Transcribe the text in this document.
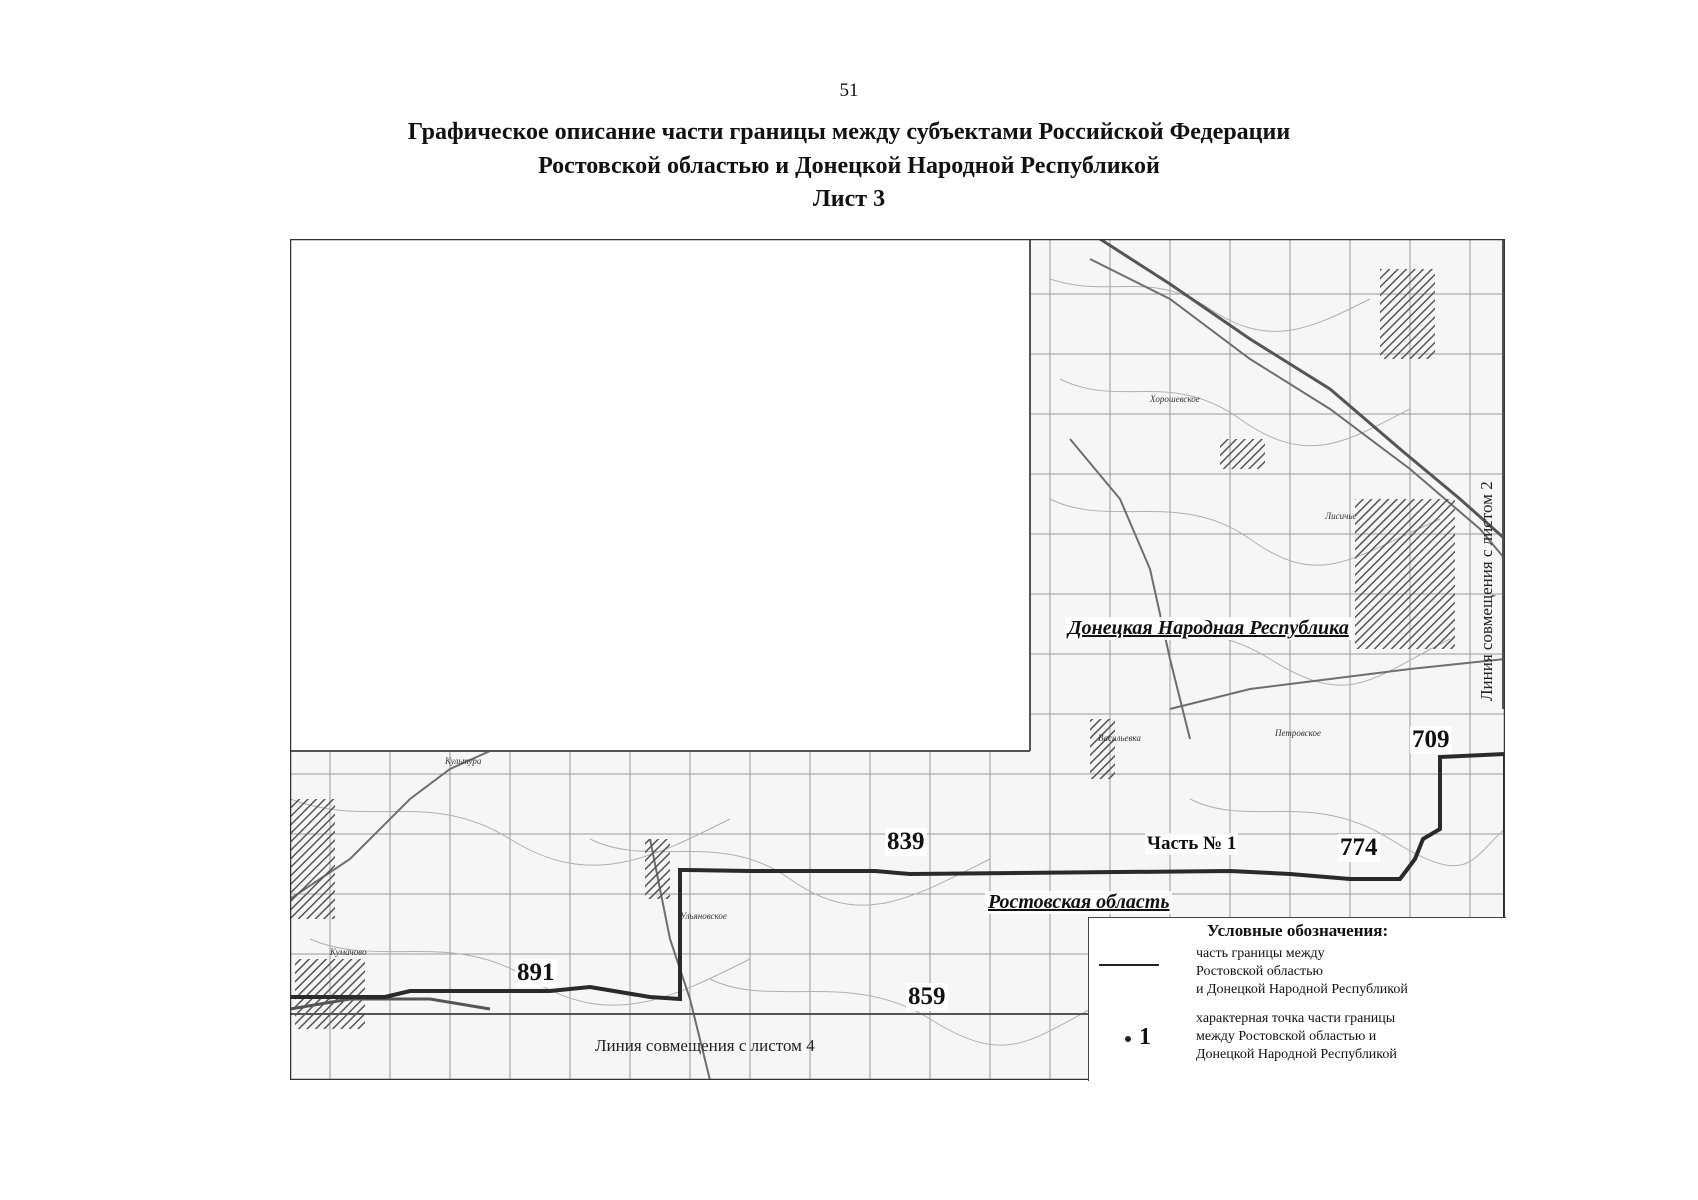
51
Графическое описание части границы между субъектами Российской Федерации
Ростовской областью и Донецкой Народной Республикой
Лист 3
Донецкая Народная Республика
Ростовская область
Часть № 1
709
774
839
859
891
Культура
Кумачово
Ульяновское
Васильевка
Лисичье
Хорошевское
Петровское
Линия совмещения с листом 4
Линия совмещения с листом 2
Условные обозначения:
часть границы между
Ростовской областью
и Донецкой Народной Республикой
1
характерная точка части границы
между Ростовской областью и
Донецкой Народной Республикой
